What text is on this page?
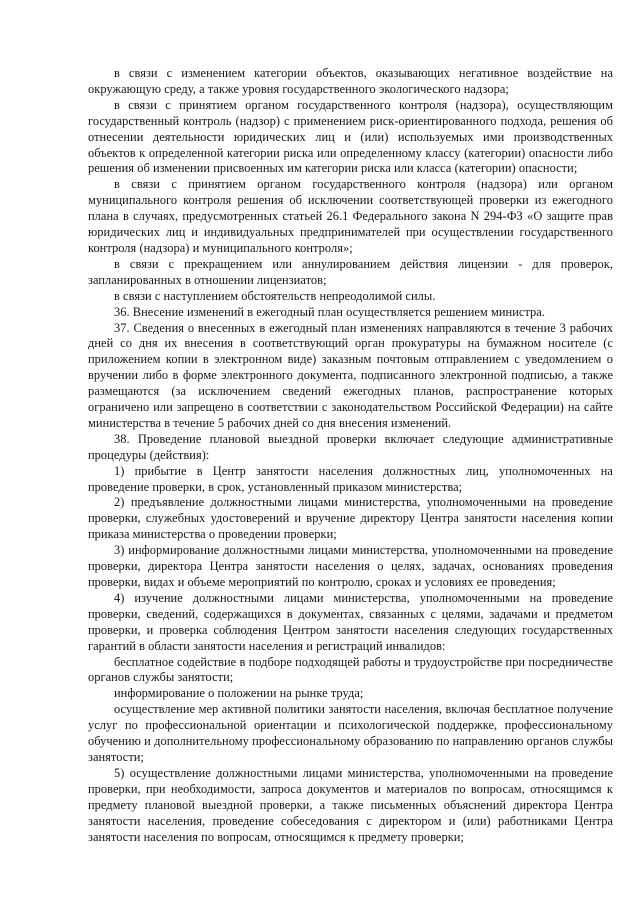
в связи с изменением категории объектов, оказывающих негативное воздействие на окружающую среду, а также уровня государственного экологического надзора;

в связи с принятием органом государственного контроля (надзора), осуществляющим государственный контроль (надзор) с применением риск-ориентированного подхода, решения об отнесении деятельности юридических лиц и (или) используемых ими производственных объектов к определенной категории риска или определенному классу (категории) опасности либо решения об изменении присвоенных им категории риска или класса (категории) опасности;

в связи с принятием органом государственного контроля (надзора) или органом муниципального контроля решения об исключении соответствующей проверки из ежегодного плана в случаях, предусмотренных статьей 26.1 Федерального закона N 294-ФЗ «О защите прав юридических лиц и индивидуальных предпринимателей при осуществлении государственного контроля (надзора) и муниципального контроля»;

в связи с прекращением или аннулированием действия лицензии - для проверок, запланированных в отношении лицензиатов;

в связи с наступлением обстоятельств непреодолимой силы.

36. Внесение изменений в ежегодный план осуществляется решением министра.

37. Сведения о внесенных в ежегодный план изменениях направляются в течение 3 рабочих дней со дня их внесения в соответствующий орган прокуратуры на бумажном носителе (с приложением копии в электронном виде) заказным почтовым отправлением с уведомлением о вручении либо в форме электронного документа, подписанного электронной подписью, а также размещаются (за исключением сведений ежегодных планов, распространение которых ограничено или запрещено в соответствии с законодательством Российской Федерации) на сайте министерства в течение 5 рабочих дней со дня внесения изменений.

38. Проведение плановой выездной проверки включает следующие административные процедуры (действия):

1) прибытие в Центр занятости населения должностных лиц, уполномоченных на проведение проверки, в срок, установленный приказом министерства;

2) предъявление должностными лицами министерства, уполномоченными на проведение проверки, служебных удостоверений и вручение директору Центра занятости населения копии приказа министерства о проведении проверки;

3) информирование должностными лицами министерства, уполномоченными на проведение проверки, директора Центра занятости населения о целях, задачах, основаниях проведения проверки, видах и объеме мероприятий по контролю, сроках и условиях ее проведения;

4) изучение должностными лицами министерства, уполномоченными на проведение проверки, сведений, содержащихся в документах, связанных с целями, задачами и предметом проверки, и проверка соблюдения Центром занятости населения следующих государственных гарантий в области занятости населения и регистраций инвалидов:

бесплатное содействие в подборе подходящей работы и трудоустройстве при посредничестве органов службы занятости;

информирование о положении на рынке труда;

осуществление мер активной политики занятости населения, включая бесплатное получение услуг по профессиональной ориентации и психологической поддержке, профессиональному обучению и дополнительному профессиональному образованию по направлению органов службы занятости;

5) осуществление должностными лицами министерства, уполномоченными на проведение проверки, при необходимости, запроса документов и материалов по вопросам, относящимся к предмету плановой выездной проверки, а также письменных объяснений директора Центра занятости населения, проведение собеседования с директором и (или) работниками Центра занятости населения по вопросам, относящимся к предмету проверки;
